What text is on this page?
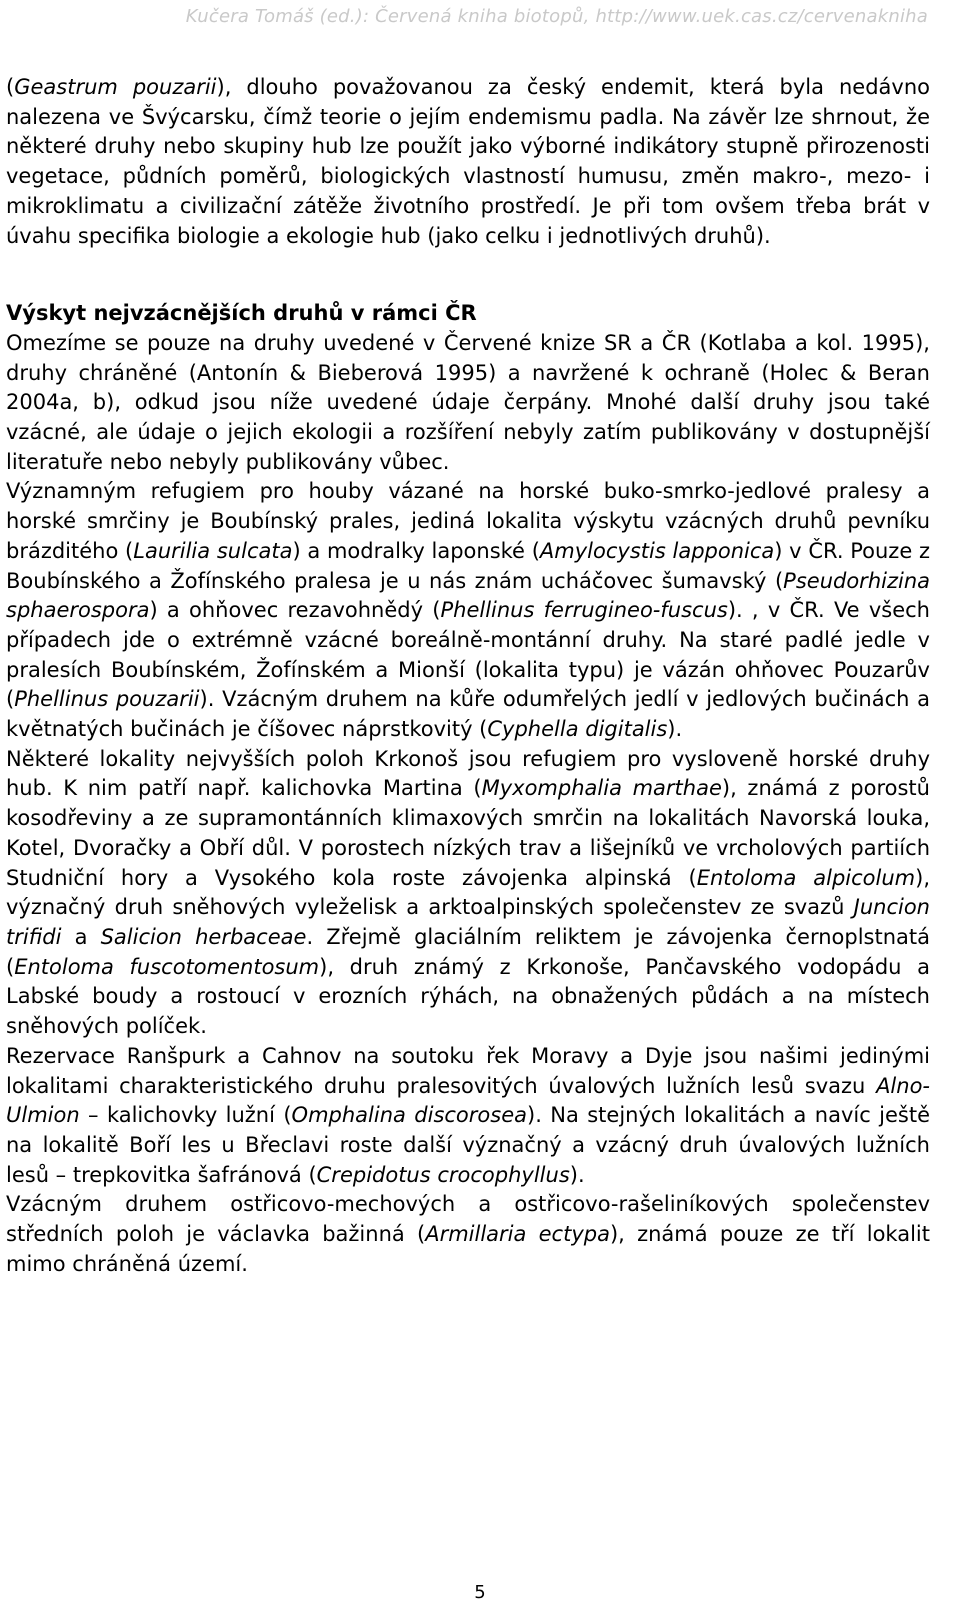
Kučera Tomáš (ed.): Červená kniha biotopů, http://www.uek.cas.cz/cervenakniha

(Geastrum pouzarii), dlouho považovanou za český endemit, která byla nedávno nalezena ve Švýcarsku, čímž teorie o jejím endemismu padla. Na závěr lze shrnout, že některé druhy nebo skupiny hub lze použít jako výborné indikátory stupně přirozenosti vegetace, půdních poměrů, biologických vlastností humusu, změn makro-, mezo- i mikroklimatu a civilizační zátěže životního prostředí. Je při tom ovšem třeba brát v úvahu specifika biologie a ekologie hub (jako celku i jednotlivých druhů).

Výskyt nejvzácnějších druhů v rámci ČR

Omezíme se pouze na druhy uvedené v Červené knize SR a ČR (Kotlaba a kol. 1995), druhy chráněné (Antonín & Bieberová 1995) a navržené k ochraně (Holec & Beran 2004a, b), odkud jsou níže uvedené údaje čerpány. Mnohé další druhy jsou také vzácné, ale údaje o jejich ekologii a rozšíření nebyly zatím publikovány v dostupnější literatuře nebo nebyly publikovány vůbec.

Významným refugiem pro houby vázané na horské buko-smrko-jedlové pralesy a horské smrčiny je Boubínský prales, jediná lokalita výskytu vzácných druhů pevníku brázditého (Laurilia sulcata) a modralky laponské (Amylocystis lapponica) v ČR. Pouze z Boubínského a Žofínského pralesa je u nás znám ucháčovec šumavský (Pseudorhizina sphaerospora) a ohňovec rezavohnědý (Phellinus ferrugineo-fuscus). , v ČR. Ve všech případech jde o extrémně vzácné boreálně-montánní druhy. Na staré padlé jedle v pralesích Boubínském, Žofínském a Mionší (lokalita typu) je vázán ohňovec Pouzarův (Phellinus pouzarii). Vzácným druhem na kůře odumřelých jedlí v jedlových bučinách a květnatých bučinách je číšovec náprstkovitý (Cyphella digitalis).

Některé lokality nejvyšších poloh Krkonoš jsou refugiem pro vysloveně horské druhy hub. K nim patří např. kalichovka Martina (Myxomphalia marthae), známá z porostů kosodřeviny a ze supramontánních klimaxových smrčin na lokalitách Navorská louka, Kotel, Dvoračky a Obří důl. V porostech nízkých trav a lišejníků ve vrcholových partiích Studniční hory a Vysokého kola roste závojenka alpinská (Entoloma alpicolum), význačný druh sněhových vyleželisk a arktoalpinských společenstev ze svazů Juncion trifidi a Salicion herbaceae. Zřejmě glaciálním reliktem je závojenka černoplstnatá (Entoloma fuscotomentosum), druh známý z Krkonoše, Pančavského vodopádu a Labské boudy a rostoucí v erozních rýhách, na obnažených půdách a na místech sněhových políček.

Rezervace Ranšpurk a Cahnov na soutoku řek Moravy a Dyje jsou našimi jedinými lokalitami charakteristického druhu pralesovitých úvalových lužních lesů svazu Alno-Ulmion – kalichovky lužní (Omphalina discorosea). Na stejných lokalitách a navíc ještě na lokalitě Boří les u Břeclavi roste další význačný a vzácný druh úvalových lužních lesů – trepkovitka šafránová (Crepidotus crocophyllus).

Vzácným druhem ostřicovo-mechových a ostřicovo-rašeliníkových společenstev středních poloh je václavka bažinná (Armillaria ectypa), známá pouze ze tří lokalit mimo chráněná území.

5
